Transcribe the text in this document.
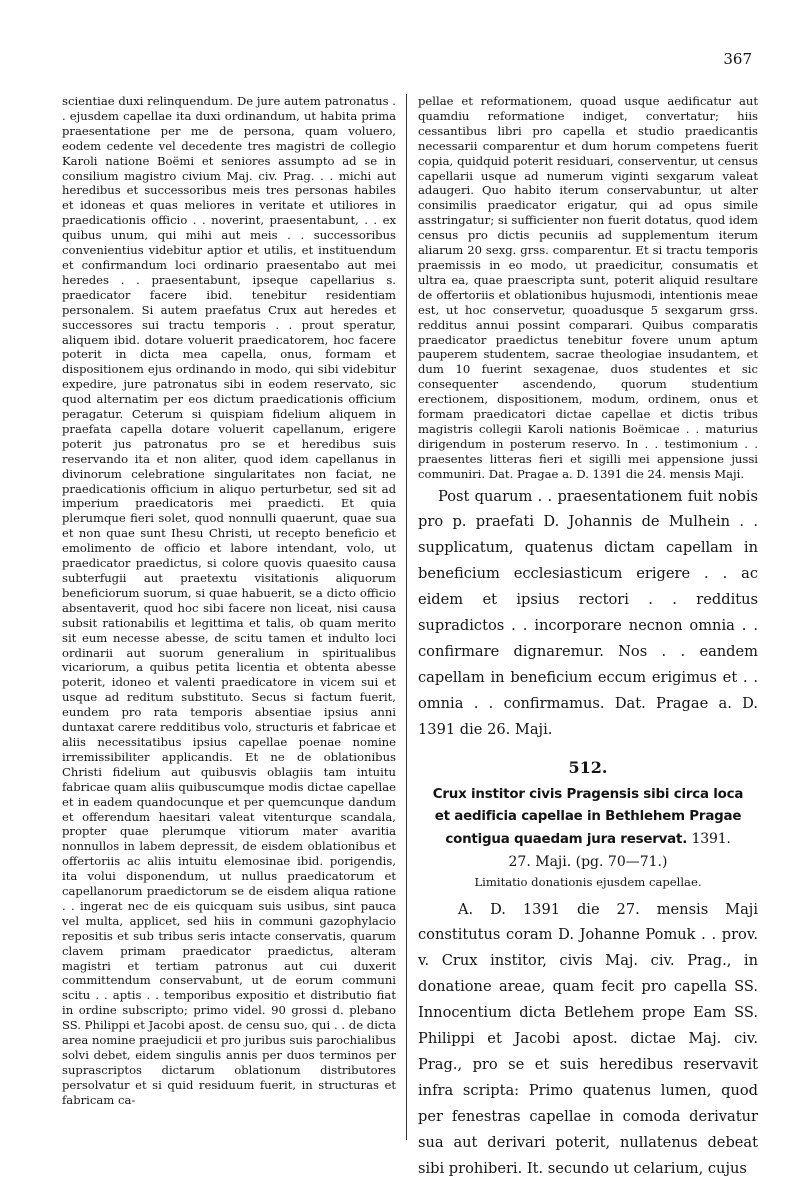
367

scientiae duxi relinquendum. De jure autem patronatus . . ejusdem capellae ita duxi ordinandum, ut habita prima praesentatione per me de persona, quam voluero, eodem cedente vel decedente tres magistri de collegio Karoli natione Boëmi et seniores assumpto ad se in consilium magistro civium Maj. civ. Prag. . . michi aut heredibus et successoribus meis tres personas habiles et idoneas et quas meliores in veritate et utiliores in praedicationis officio . . noverint, praesentabunt, . . ex quibus unum, qui mihi aut meis . . successoribus convenientius videbitur aptior et utilis, et instituendum et confirmandum loci ordinario praesentabo aut mei heredes . . praesentabunt, ipseque capellarius s. praedicator facere ibid. tenebitur residentiam personalem. Si autem praefatus Crux aut heredes et successores sui tractu temporis . . prout speratur, aliquem ibid. dotare voluerit praedicatorem, hoc facere poterit in dicta mea capella, onus, formam et dispositionem ejus ordinando in modo, qui sibi videbitur expedire, jure patronatus sibi in eodem reservato, sic quod alternatim per eos dictum praedicationis officium peragatur. Ceterum si quispiam fidelium aliquem in praefata capella dotare voluerit capellanum, erigere poterit jus patronatus pro se et heredibus suis reservando ita et non aliter, quod idem capellanus in divinorum celebratione singularitates non faciat, ne praedicationis officium in aliquo perturbetur, sed sit ad imperium praedicatoris mei praedicti. Et quia plerumque fieri solet, quod nonnulli quaerunt, quae sua et non quae sunt Ihesu Christi, ut recepto beneficio et emolimento de officio et labore intendant, volo, ut praedicator praedictus, si colore quovis quaesito causa subterfugii aut praetextu visitationis aliquorum beneficiorum suorum, si quae habuerit, se a dicto officio absentaverit, quod hoc sibi facere non liceat, nisi causa subsit rationabilis et legittima et talis, ob quam merito sit eum necesse abesse, de scitu tamen et indulto loci ordinarii aut suorum generalium in spiritualibus vicariorum, a quibus petita licentia et obtenta abesse poterit, idoneo et valenti praedicatore in vicem sui et usque ad reditum substituto. Secus si factum fuerit, eundem pro rata temporis absentiae ipsius anni duntaxat carere redditibus volo, structuris et fabricae et aliis necessitatibus ipsius capellae poenae nomine irremissibiliter applicandis. Et ne de oblationibus Christi fidelium aut quibusvis oblagiis tam intuitu fabricae quam aliis quibuscumque modis dictae capellae et in eadem quandocunque et per quemcunque dandum et offerendum haesitari valeat vitenturque scandala, propter quae plerumque vitiorum mater avaritia nonnullos in labem depressit, de eisdem oblationibus et offertoriis ac aliis intuitu elemosinae ibid. porigendis, ita volui disponendum, ut nullus praedicatorum et capellanorum praedictorum se de eisdem aliqua ratione . . ingerat nec de eis quicquam suis usibus, sint pauca vel multa, applicet, sed hiis in communi gazophylacio repositis et sub tribus seris intacte conservatis, quarum clavem primam praedicator praedictus, alteram magistri et tertiam patronus aut cui duxerit committendum conservabunt, ut de eorum communi scitu . . aptis . . temporibus expositio et distributio fiat in ordine subscripto; primo videl. 90 grossi d. plebano SS. Philippi et Jacobi apost. de censu suo, qui . . de dicta area nomine praejudicii et pro juribus suis parochialibus solvi debet, eidem singulis annis per duos terminos per suprascriptos dictarum oblationum distributores persolvatur et si quid residuum fuerit, in structuras et fabricam ca-

pellae et reformationem, quoad usque aedificatur aut quamdiu reformatione indiget, convertatur; hiis cessantibus libri pro capella et studio praedicantis necessarii comparentur et dum horum competens fuerit copia, quidquid poterit residuari, conserventur, ut census capellarii usque ad numerum viginti sexgarum valeat adaugeri. Quo habito iterum conservabuntur, ut alter consimilis praedicator erigatur, qui ad opus simile asstringatur; si sufficienter non fuerit dotatus, quod idem census pro dictis pecuniis ad supplementum iterum aliarum 20 sexg. grss. comparentur. Et si tractu temporis praemissis in eo modo, ut praedicitur, consumatis et ultra ea, quae praescripta sunt, poterit aliquid resultare de offertoriis et oblationibus hujusmodi, intentionis meae est, ut hoc conservetur, quoadusque 5 sexgarum grss. redditus annui possint comparari. Quibus comparatis praedicator praedictus tenebitur fovere unum aptum pauperem studentem, sacrae theologiae insudantem, et dum 10 fuerint sexagenae, duos studentes et sic consequenter ascendendo, quorum studentium erectionem, dispositionem, modum, ordinem, onus et formam praedicatori dictae capellae et dictis tribus magistris collegii Karoli nationis Boëmicae . . maturius dirigendum in posterum reservo. In . . testimonium . . praesentes litteras fieri et sigilli mei appensione jussi communiri. Dat. Pragae a. D. 1391 die 24. mensis Maji.

Post quarum . . praesentationem fuit nobis pro p. praefati D. Johannis de Mulhein . . supplicatum, quatenus dictam capellam in beneficium ecclesiasticum erigere . . ac eidem et ipsius rectori . . redditus supradictos . . incorporare necnon omnia . . confirmare dignaremur. Nos . . eandem capellam in beneficium eccum erigimus et . . omnia . . confirmamus. Dat. Pragae a. D. 1391 die 26. Maji.

512.
Crux institor civis Pragensis sibi circa loca
et aedificia capellae in Bethlehem Pragae
contigua quaedam jura reservat. 1391.
27. Maji. (pg. 70—71.)
Limitatio donationis ejusdem capellae.

A. D. 1391 die 27. mensis Maji constitutus coram D. Johanne Pomuk . . prov. v. Crux institor, civis Maj. civ. Prag., in donatione areae, quam fecit pro capella SS. Innocentium dicta Betlehem prope Eam SS. Philippi et Jacobi apost. dictae Maj. civ. Prag., pro se et suis heredibus reservavit infra scripta: Primo quatenus lumen, quod per fenestras capellae in comoda derivatur sua aut derivari poterit, nullatenus debeat sibi prohiberi. It. secundo ut celarium, cujus
